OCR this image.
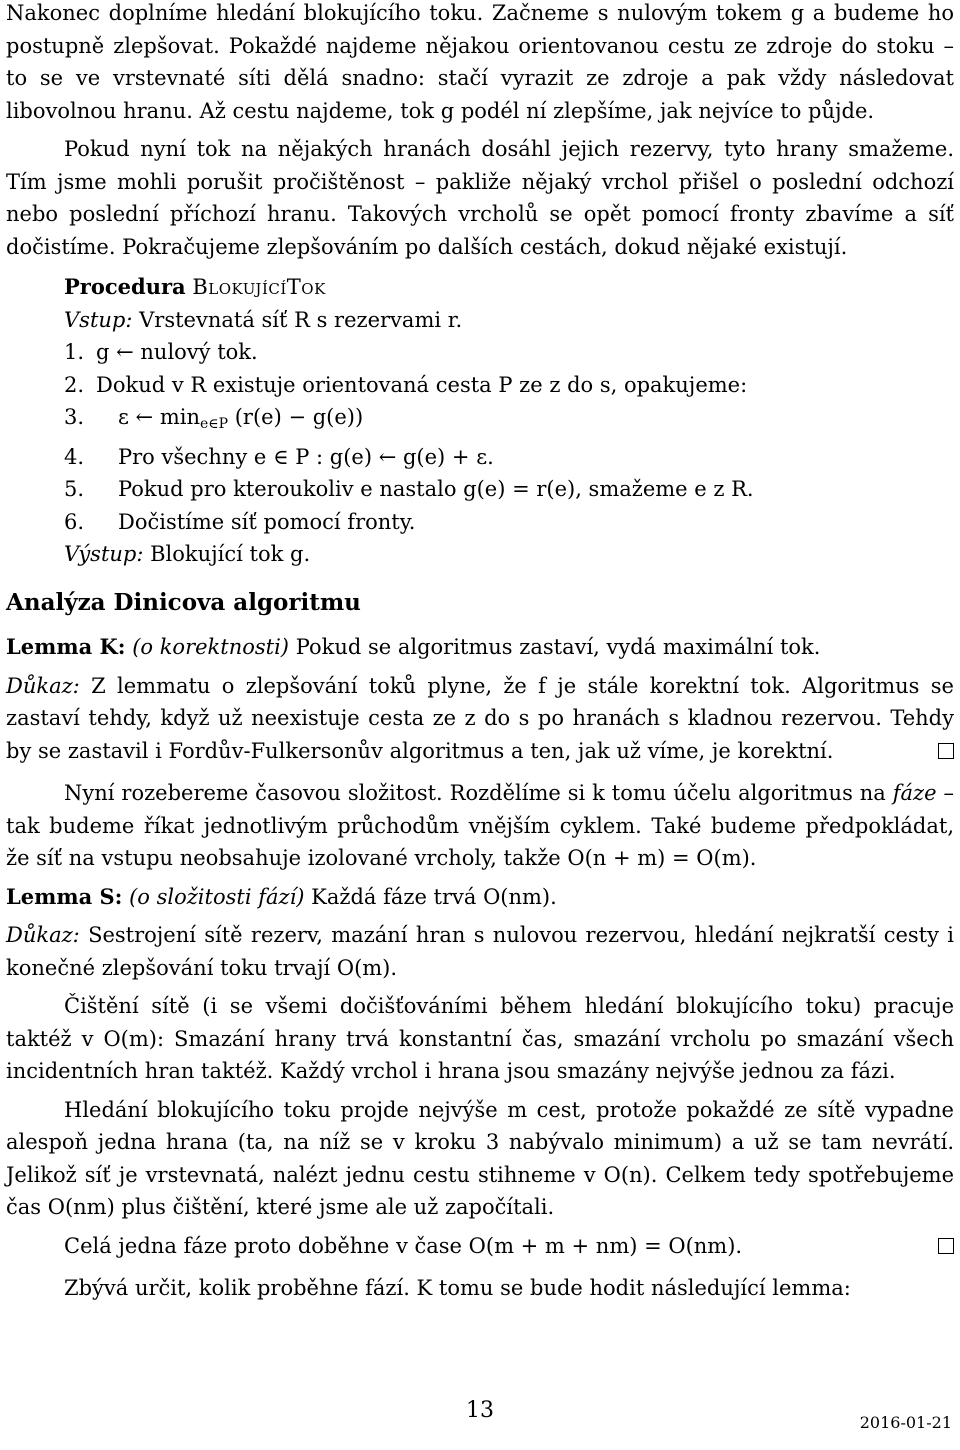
Nakonec doplníme hledání blokujícího toku. Začneme s nulovým tokem g a budeme ho postupně zlepšovat. Pokaždé najdeme nějakou orientovanou cestu ze zdroje do stoku – to se ve vrstevnaté síti dělá snadno: stačí vyrazit ze zdroje a pak vždy následovat libovolnou hranu. Až cestu najdeme, tok g podél ní zlepšíme, jak nejvíce to půjde.

Pokud nyní tok na nějakých hranách dosáhl jejich rezervy, tyto hrany smažeme. Tím jsme mohli porušit pročištěnost – pakliže nějaký vrchol přišel o poslední odchozí nebo poslední příchozí hranu. Takových vrcholů se opět pomocí fronty zbavíme a síť dočistíme. Pokračujeme zlepšováním po dalších cestách, dokud nějaké existují.

Procedura BlokujícíTok
Vstup: Vrstevnatá síť R s rezervami r.
1. g ← nulový tok.
2. Dokud v R existuje orientovaná cesta P ze z do s, opakujeme:
3.	ε ← $\min_{e\in P} (r(e) - g(e))$
4.	Pro všechny e ∈ P : g(e) ← g(e) + ε.
5.	Pokud pro kteroukoliv e nastalo g(e) = r(e), smažeme e z R.
6.	Dočistíme síť pomocí fronty.
Výstup: Blokující tok g.
Analýza Dinicova algoritmu

Lemma K: (o korektnosti) Pokud se algoritmus zastaví, vydá maximální tok.

Důkaz: Z lemmatu o zlepšování toků plyne, že f je stále korektní tok. Algoritmus se zastaví tehdy, když už neexistuje cesta ze z do s po hranách s kladnou rezervou. Tehdy by se zastavil i Fordův-Fulkersonův algoritmus a ten, jak už víme, je korektní.

Nyní rozebereme časovou složitost. Rozdělíme si k tomu účelu algoritmus na fáze – tak budeme říkat jednotlivým průchodům vnějším cyklem. Také budeme předpokládat, že síť na vstupu neobsahuje izolované vrcholy, takže O(n + m) = O(m).

Lemma S: (o složitosti fází) Každá fáze trvá O(nm).

Důkaz: Sestrojení sítě rezerv, mazání hran s nulovou rezervou, hledání nejkratší cesty i konečné zlepšování toku trvají O(m).

Čištění sítě (i se všemi dočišťováními během hledání blokujícího toku) pracuje taktéž v O(m): Smazání hrany trvá konstantní čas, smazání vrcholu po smazání všech incidentních hran taktéž. Každý vrchol i hrana jsou smazány nejvýše jednou za fázi.

Hledání blokujícího toku projde nejvýše m cest, protože pokaždé ze sítě vypadne alespoň jedna hrana (ta, na níž se v kroku 3 nabývalo minimum) a už se tam nevrátí. Jelikož síť je vrstevnatá, nalézt jednu cestu stihneme v O(n). Celkem tedy spotřebujeme čas O(nm) plus čištění, které jsme ale už započítali.

Celá jedna fáze proto doběhne v čase O(m + m + nm) = O(nm).

Zbývá určit, kolik proběhne fází. K tomu se bude hodit následující lemma:

13	2016-01-21
